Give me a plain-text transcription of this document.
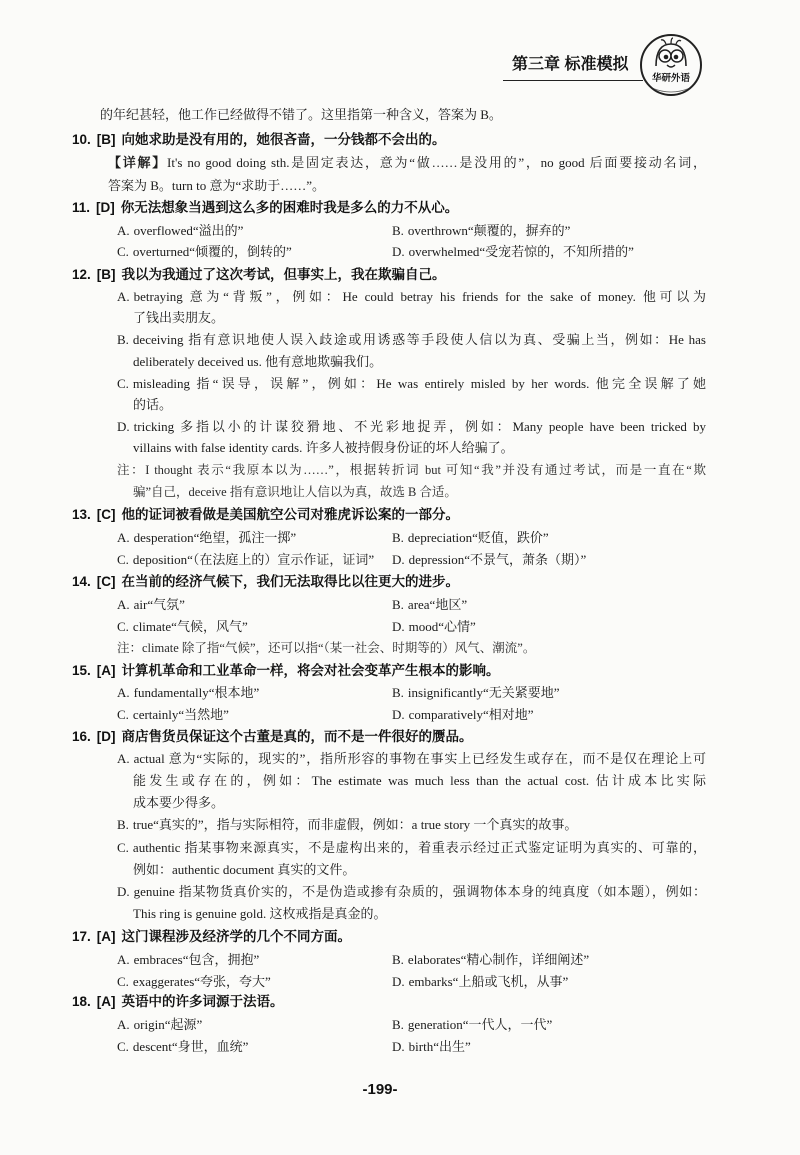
第三章 标准模拟
华研外语
的年纪甚轻，他工作已经做得不错了。这里指第一种含义，答案为 B。
10. [B] 向她求助是没有用的，她很吝啬，一分钱都不会出的。
【详解】It's no good doing sth.是固定表达，意为“做……是没用的”，no good 后面要接动名词，
答案为 B。turn to 意为“求助于……”。
11. [D] 你无法想象当遇到这么多的困难时我是多么的力不从心。
A. overflowed“溢出的”	B. overthrown“颠覆的，摒弃的”
C. overturned“倾覆的，倒转的”	D. overwhelmed“受宠若惊的，不知所措的”
12. [B] 我以为我通过了这次考试，但事实上，我在欺骗自己。
A. betraying 意为“背叛”，例如：He could betray his friends for the sake of money. 他可以为
了钱出卖朋友。
B. deceiving 指有意识地使人误入歧途或用诱惑等手段使人信以为真、受骗上当，例如：He has
deliberately deceived us. 他有意地欺骗我们。
C. misleading 指“误导，误解”，例如：He was entirely misled by her words. 他完全误解了她
的话。
D. tricking 多指以小的计谋狡猾地、不光彩地捉弄，例如：Many people have been tricked by
villains with false identity cards. 许多人被持假身份证的坏人给骗了。
注：I thought 表示“我原本以为……”，根据转折词 but 可知“我”并没有通过考试，而是一直在“欺
骗”自己，deceive 指有意识地让人信以为真，故选 B 合适。
13. [C] 他的证词被看做是美国航空公司对雅虎诉讼案的一部分。
A. desperation“绝望，孤注一掷”	B. depreciation“贬值，跌价”
C. deposition“（在法庭上的）宣示作证，证词” D. depression“不景气，萧条（期）”
14. [C] 在当前的经济气候下，我们无法取得比以往更大的进步。
A. air“气氛”	B. area“地区”
C. climate“气候，风气”	D. mood“心情”
注：climate 除了指“气候”，还可以指“（某一社会、时期等的）风气、潮流”。
15. [A] 计算机革命和工业革命一样，将会对社会变革产生根本的影响。
A. fundamentally“根本地”	B. insignificantly“无关紧要地”
C. certainly“当然地”	D. comparatively“相对地”
16. [D] 商店售货员保证这个古董是真的，而不是一件很好的赝品。
A. actual 意为“实际的，现实的”，指所形容的事物在事实上已经发生或存在，而不是仅在理论上可
能发生或存在的，例如：The estimate was much less than the actual cost. 估计成本比实际
成本要少得多。
B. true“真实的”，指与实际相符，而非虚假，例如：a true story 一个真实的故事。
C. authentic 指某事物来源真实，不是虚构出来的，着重表示经过正式鉴定证明为真实的、可靠的，
例如：authentic document 真实的文件。
D. genuine 指某物货真价实的，不是伪造或掺有杂质的，强调物体本身的纯真度（如本题），例如：
This ring is genuine gold. 这枚戒指是真金的。
17. [A] 这门课程涉及经济学的几个不同方面。
A. embraces“包含，拥抱”	B. elaborates“精心制作，详细阐述”
C. exaggerates“夸张，夸大”	D. embarks“上船或飞机，从事”
18. [A] 英语中的许多词源于法语。
A. origin“起源”	B. generation“一代人，一代”
C. descent“身世，血统”	D. birth“出生”
-199-
